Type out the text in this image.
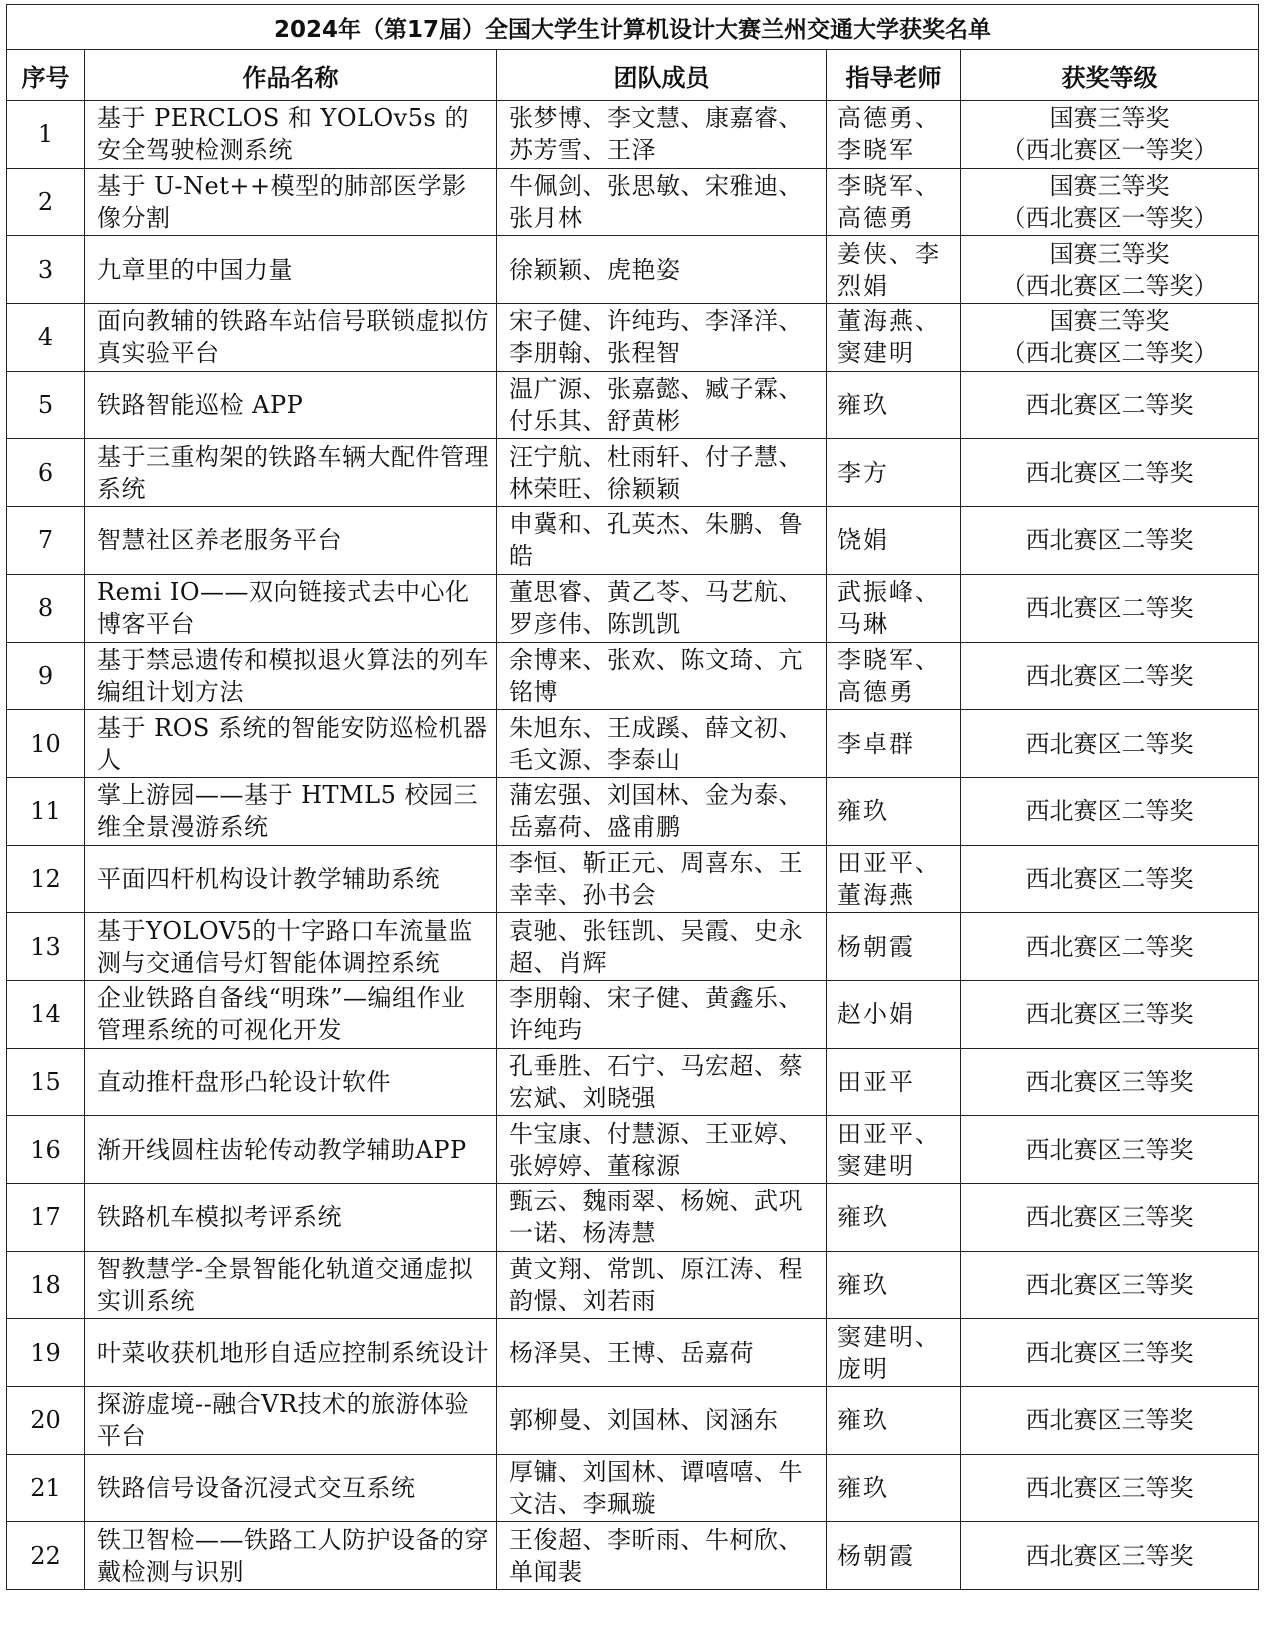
2024年（第17届）全国大学生计算机设计大赛兰州交通大学获奖名单				
序号	作品名称	团队成员	指导老师	获奖等级
1	基于 PERCLOS 和 YOLOv5s 的安全驾驶检测系统	张梦博、李文慧、康嘉睿、苏芳雪、王泽	高德勇、李晓军	国赛三等奖
（西北赛区一等奖）

2	基于 U-Net++模型的肺部医学影像分割	牛佩剑、张思敏、宋雅迪、张月林	李晓军、高德勇	国赛三等奖
（西北赛区一等奖）

3	九章里的中国力量	徐颖颖、虎艳姿	姜侠、李烈娟	国赛三等奖
（西北赛区二等奖）

4	面向教辅的铁路车站信号联锁虚拟仿真实验平台	宋子健、许纯玙、李泽洋、李朋翰、张程智	董海燕、窦建明	国赛三等奖
（西北赛区二等奖）

5	铁路智能巡检 APP	温广源、张嘉懿、臧子霖、付乐其、舒黄彬	雍玖	西北赛区二等奖

6	基于三重构架的铁路车辆大配件管理系统	汪宁航、杜雨轩、付子慧、林荣旺、徐颖颖	李方	西北赛区二等奖

7	智慧社区养老服务平台	申冀和、孔英杰、朱鹏、鲁皓	饶娟	西北赛区二等奖

8	Remi IO——双向链接式去中心化博客平台	董思睿、黄乙苓、马艺航、罗彦伟、陈凯凯	武振峰、马琳	西北赛区二等奖

9	基于禁忌遗传和模拟退火算法的列车编组计划方法	余博来、张欢、陈文琦、亢铭博	李晓军、高德勇	西北赛区二等奖

10	基于 ROS 系统的智能安防巡检机器人	朱旭东、王成蹊、薛文初、毛文源、李泰山	李卓群	西北赛区二等奖

11	掌上游园——基于 HTML5 校园三维全景漫游系统	蒲宏强、刘国林、金为泰、岳嘉荷、盛甫鹏	雍玖	西北赛区二等奖

12	平面四杆机构设计教学辅助系统	李恒、靳正元、周喜东、王幸幸、孙书会	田亚平、董海燕	西北赛区二等奖

13	基于YOLOV5的十字路口车流量监测与交通信号灯智能体调控系统	袁驰、张钰凯、吴霞、史永超、肖辉	杨朝霞	西北赛区二等奖

14	企业铁路自备线“明珠”—编组作业管理系统的可视化开发	李朋翰、宋子健、黄鑫乐、许纯玙	赵小娟	西北赛区三等奖

15	直动推杆盘形凸轮设计软件	孔垂胜、石宁、马宏超、蔡宏斌、刘晓强	田亚平	西北赛区三等奖

16	渐开线圆柱齿轮传动教学辅助APP	牛宝康、付慧源、王亚婷、张婷婷、董稼源	田亚平、窦建明	西北赛区三等奖

17	铁路机车模拟考评系统	甄云、魏雨翠、杨婉、武巩一诺、杨涛慧	雍玖	西北赛区三等奖

18	智教慧学-全景智能化轨道交通虚拟实训系统	黄文翔、常凯、原江涛、程韵憬、刘若雨	雍玖	西北赛区三等奖

19	叶菜收获机地形自适应控制系统设计	杨泽昊、王博、岳嘉荷	窦建明、庞明	西北赛区三等奖

20	探游虚境--融合VR技术的旅游体验平台	郭柳曼、刘国林、闵涵东	雍玖	西北赛区三等奖

21	铁路信号设备沉浸式交互系统	厚镛、刘国林、谭嘻嘻、牛文洁、李珮璇	雍玖	西北赛区三等奖

22	铁卫智检——铁路工人防护设备的穿戴检测与识别	王俊超、李昕雨、牛柯欣、单闻裴	杨朝霞	西北赛区三等奖
